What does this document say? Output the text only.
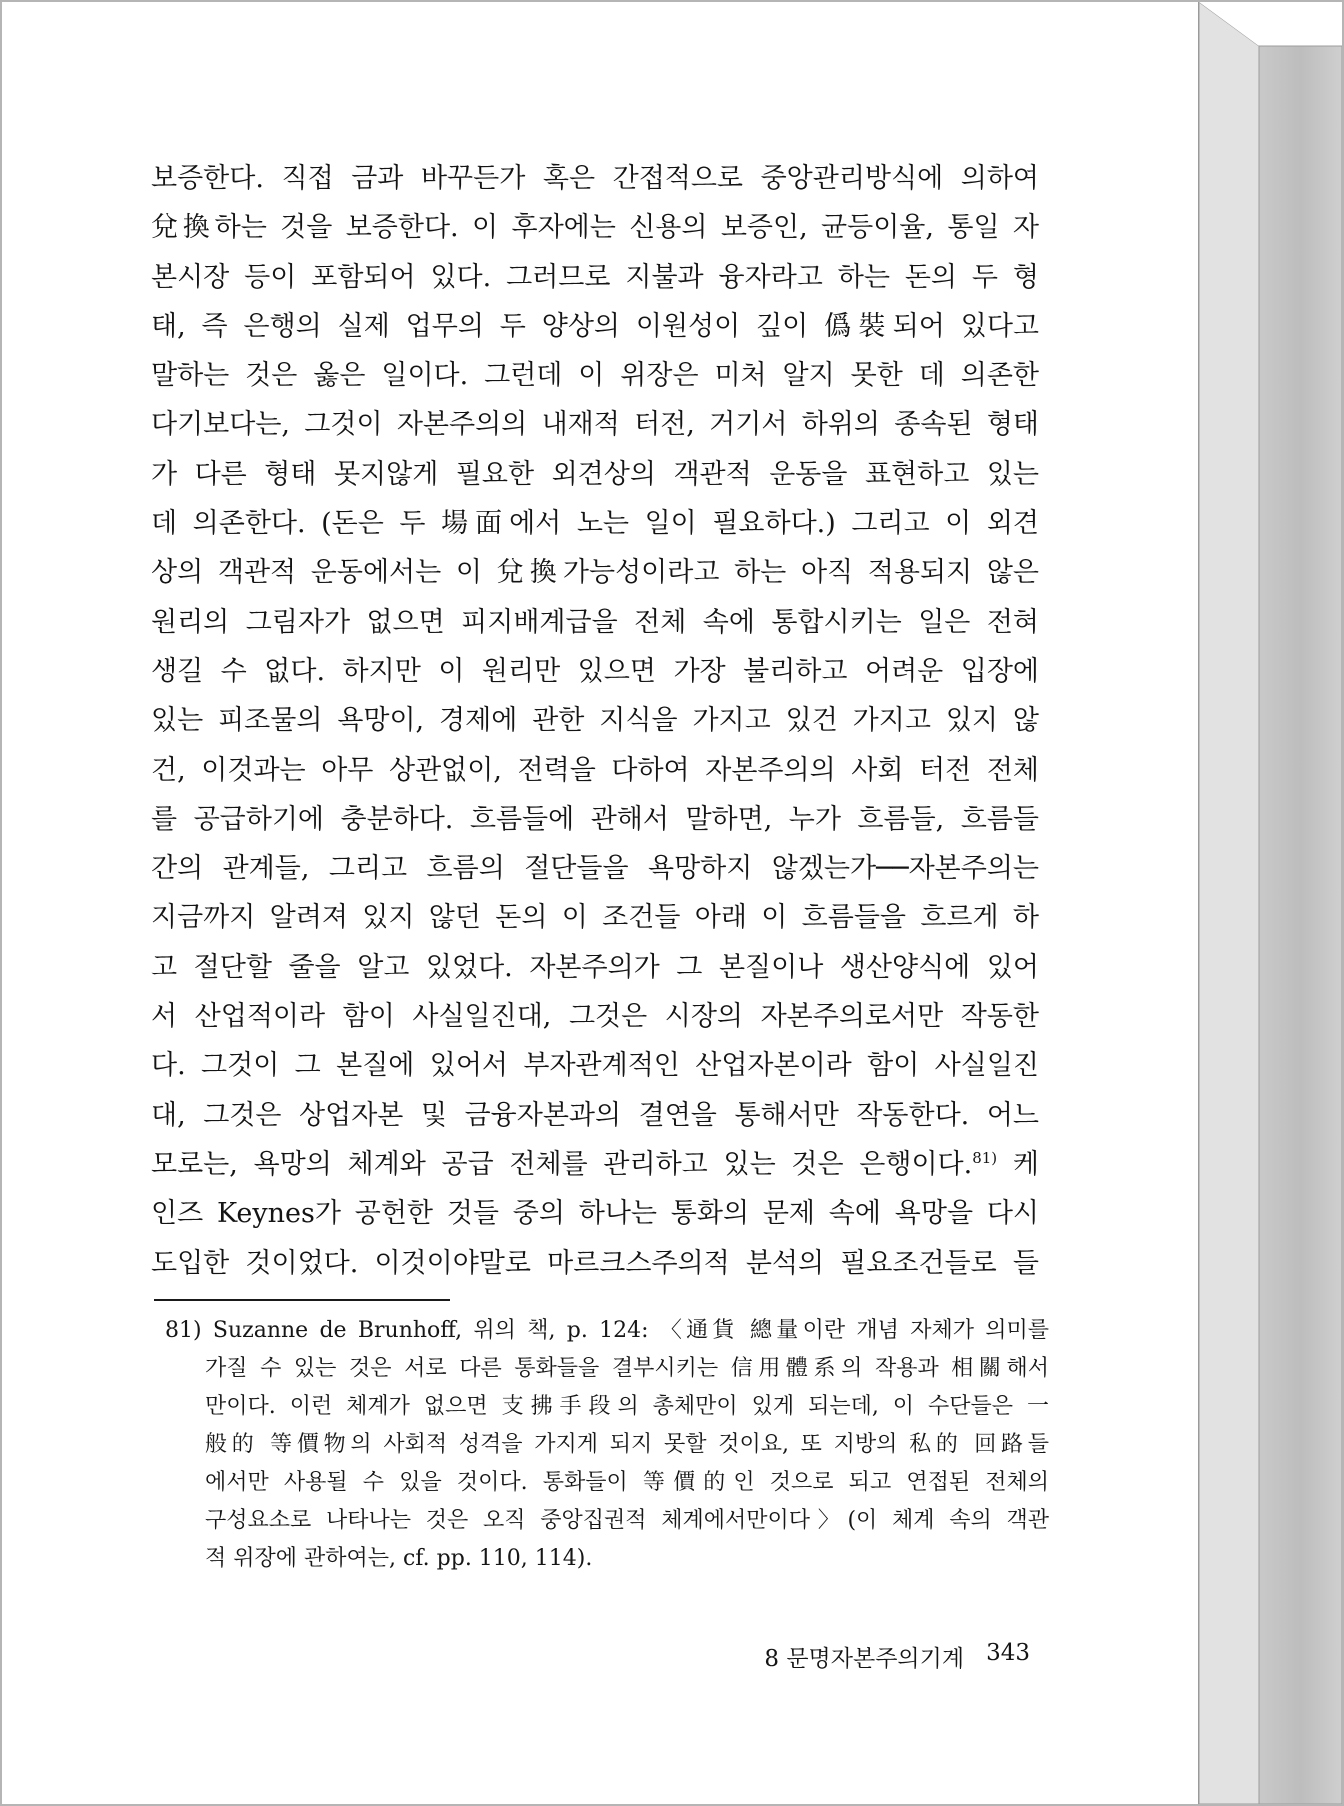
보증한다. 직접 금과 바꾸든가 혹은 간접적으로 중앙관리방식에 의하여
兌換하는 것을 보증한다. 이 후자에는 신용의 보증인, 균등이율, 통일 자
본시장 등이 포함되어 있다. 그러므로 지불과 융자라고 하는 돈의 두 형
태, 즉 은행의 실제 업무의 두 양상의 이원성이 깊이 僞裝되어 있다고
말하는 것은 옳은 일이다. 그런데 이 위장은 미처 알지 못한 데 의존한
다기보다는, 그것이 자본주의의 내재적 터전, 거기서 하위의 종속된 형태
가 다른 형태 못지않게 필요한 외견상의 객관적 운동을 표현하고 있는
데 의존한다. (돈은 두 場面에서 노는 일이 필요하다.) 그리고 이 외견
상의 객관적 운동에서는 이 兌換가능성이라고 하는 아직 적용되지 않은
원리의 그림자가 없으면 피지배계급을 전체 속에 통합시키는 일은 전혀
생길 수 없다. 하지만 이 원리만 있으면 가장 불리하고 어려운 입장에
있는 피조물의 욕망이, 경제에 관한 지식을 가지고 있건 가지고 있지 않
건, 이것과는 아무 상관없이, 전력을 다하여 자본주의의 사회 터전 전체
를 공급하기에 충분하다. 흐름들에 관해서 말하면, 누가 흐름들, 흐름들
간의 관계들, 그리고 흐름의 절단들을 욕망하지 않겠는가──자본주의는
지금까지 알려져 있지 않던 돈의 이 조건들 아래 이 흐름들을 흐르게 하
고 절단할 줄을 알고 있었다. 자본주의가 그 본질이나 생산양식에 있어
서 산업적이라 함이 사실일진대, 그것은 시장의 자본주의로서만 작동한
다. 그것이 그 본질에 있어서 부자관계적인 산업자본이라 함이 사실일진
대, 그것은 상업자본 및 금융자본과의 결연을 통해서만 작동한다. 어느
모로는, 욕망의 체계와 공급 전체를 관리하고 있는 것은 은행이다.$^{81)}$ 케
인즈 Keynes가 공헌한 것들 중의 하나는 통화의 문제 속에 욕망을 다시
도입한 것이었다. 이것이야말로 마르크스주의적 분석의 필요조건들로 들
81) Suzanne de Brunhoff, 위의 책, p. 124: 〈通貨 總量이란 개념 자체가 의미를
가질 수 있는 것은 서로 다른 통화들을 결부시키는 信用體系의 작용과 相關해서
만이다. 이런 체계가 없으면 支拂手段의 총체만이 있게 되는데, 이 수단들은 一
般的 等價物의 사회적 성격을 가지게 되지 못할 것이요, 또 지방의 私的 回路들
에서만 사용될 수 있을 것이다. 통화들이 等價的인 것으로 되고 연접된 전체의
구성요소로 나타나는 것은 오직 중앙집권적 체계에서만이다〉(이 체계 속의 객관
적 위장에 관하여는, cf. pp. 110, 114).
8 문명자본주의기계 343
